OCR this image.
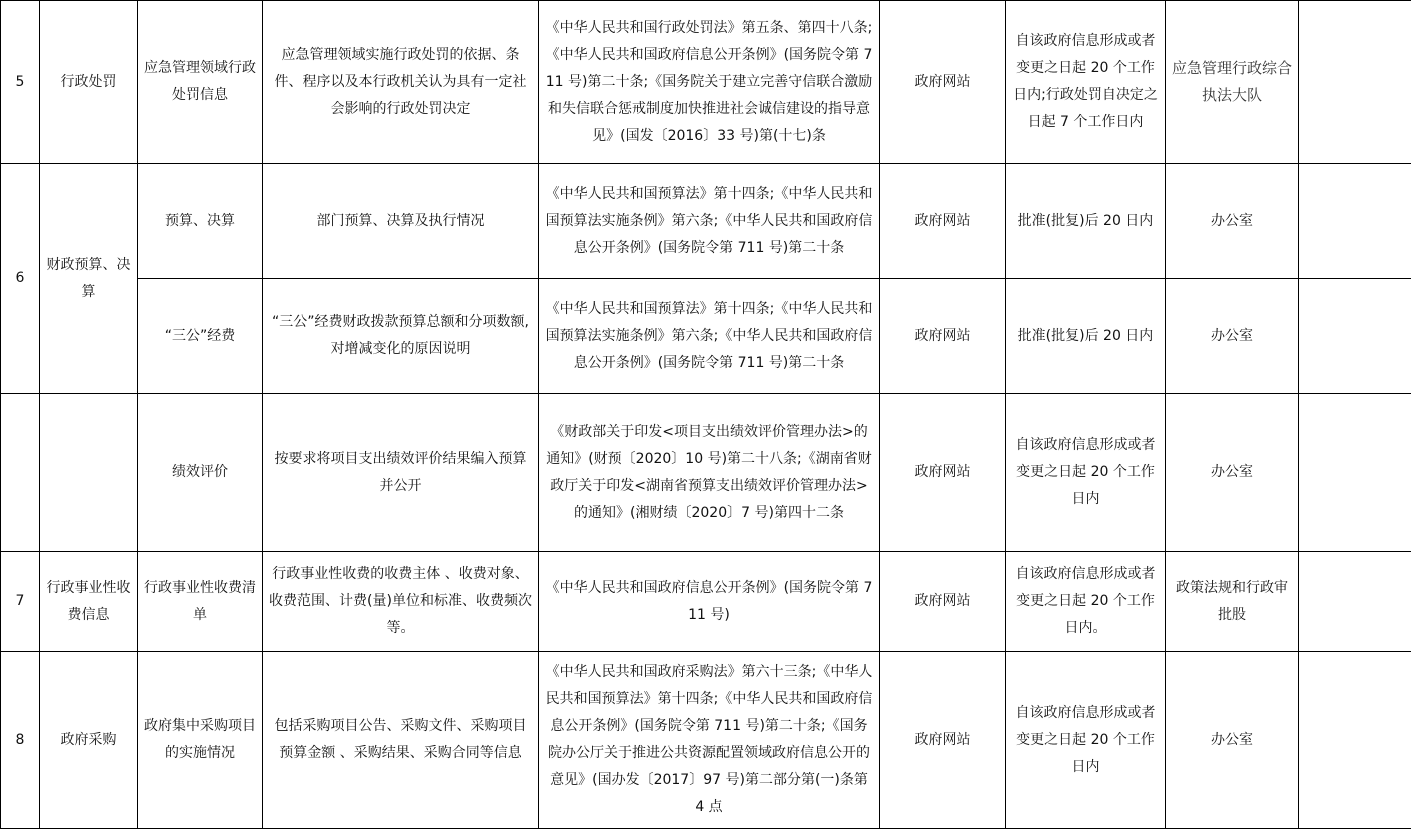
5	行政处罚	应急管理领域行政处罚信息	应急管理领域实施行政处罚的依据、条件、程序以及本行政机关认为具有一定社会影响的行政处罚决定	《中华人民共和国行政处罚法》第五条、第四十八条;《中华人民共和国政府信息公开条例》(国务院令第 711 号)第二十条;《国务院关于建立完善守信联合激励和失信联合惩戒制度加快推进社会诚信建设的指导意见》(国发〔2016〕33 号)第(十七)条	政府网站	自该政府信息形成或者变更之日起 20 个工作日内;行政处罚自决定之日起 7 个工作日内	应急管理行政综合执法大队	
6	财政预算、决算	预算、决算	部门预算、决算及执行情况	《中华人民共和国预算法》第十四条;《中华人民共和国预算法实施条例》第六条;《中华人民共和国政府信息公开条例》(国务院令第 711 号)第二十条	政府网站	批准(批复)后 20 日内	办公室	
		“三公”经费	“三公”经费财政拨款预算总额和分项数额,对增减变化的原因说明	《中华人民共和国预算法》第十四条;《中华人民共和国预算法实施条例》第六条;《中华人民共和国政府信息公开条例》(国务院令第 711 号)第二十条	政府网站	批准(批复)后 20 日内	办公室	
		绩效评价	按要求将项目支出绩效评价结果编入预算并公开	《财政部关于印发<项目支出绩效评价管理办法>的通知》(财预〔2020〕10 号)第二十八条;《湖南省财政厅关于印发<湖南省预算支出绩效评价管理办法>的通知》(湘财绩〔2020〕7 号)第四十二条	政府网站	自该政府信息形成或者变更之日起 20 个工作日内	办公室	
7	行政事业性收费信息	行政事业性收费清单	行政事业性收费的收费主体 、收费对象、收费范围、计费(量)单位和标准、收费频次等。	《中华人民共和国政府信息公开条例》(国务院令第 711 号)	政府网站	自该政府信息形成或者变更之日起 20 个工作日内。	政策法规和行政审批股	
8	政府采购	政府集中采购项目的实施情况	包括采购项目公告、采购文件、采购项目预算金额 、采购结果、采购合同等信息	《中华人民共和国政府采购法》第六十三条;《中华人民共和国预算法》第十四条;《中华人民共和国政府信息公开条例》(国务院令第 711 号)第二十条;《国务院办公厅关于推进公共资源配置领域政府信息公开的意见》(国办发〔2017〕97 号)第二部分第(一)条第 4 点	政府网站	自该政府信息形成或者变更之日起 20 个工作日内	办公室	
